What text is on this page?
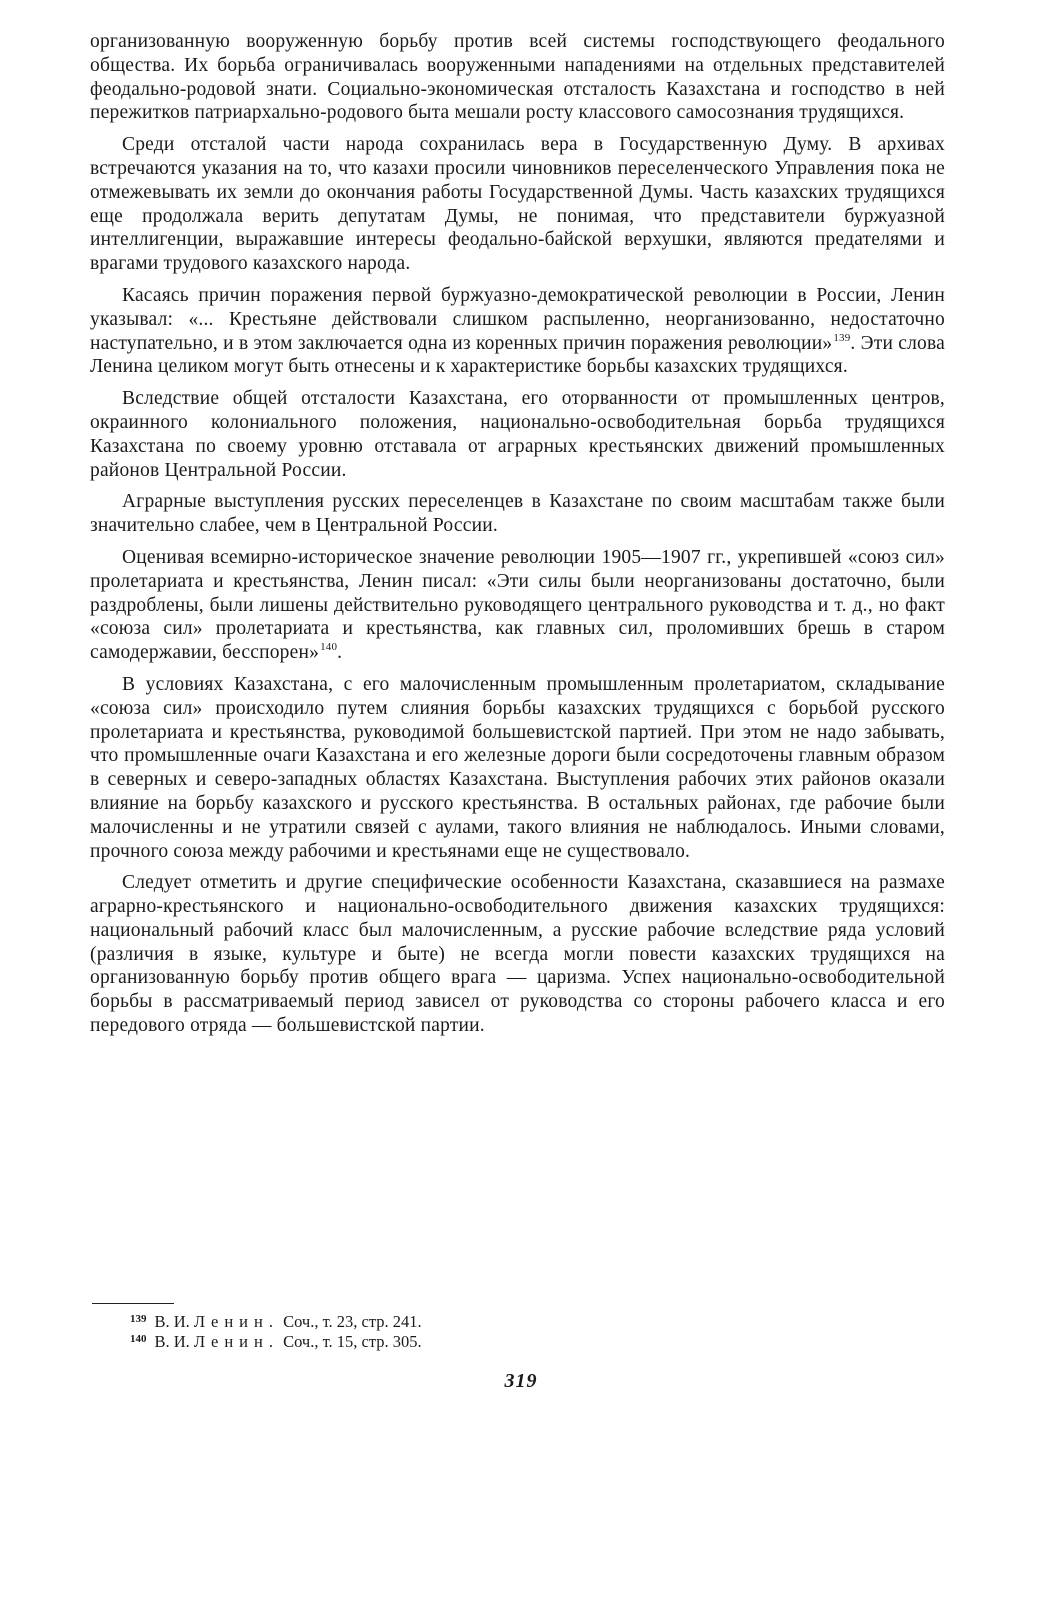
организованную вооруженную борьбу против всей системы господствующего феодального общества. Их борьба ограничивалась вооруженными нападениями на отдельных представителей феодально-родовой знати. Социально-экономическая отсталость Казахстана и господство в ней пережитков патриархально-родового быта мешали росту классового самосознания трудящихся.

Среди отсталой части народа сохранилась вера в Государственную Думу. В архивах встречаются указания на то, что казахи просили чиновников переселенческого Управления пока не отмежевывать их земли до окончания работы Государственной Думы. Часть казахских трудящихся еще продолжала верить депутатам Думы, не понимая, что представители буржуазной интеллигенции, выражавшие интересы феодально-байской верхушки, являются предателями и врагами трудового казахского народа.

Касаясь причин поражения первой буржуазно-демократической революции в России, Ленин указывал: «... Крестьяне действовали слишком распыленно, неорганизованно, недостаточно наступательно, и в этом заключается одна из коренных причин поражения революции»$^{139}$. Эти слова Ленина целиком могут быть отнесены и к характеристике борьбы казахских трудящихся.

Вследствие общей отсталости Казахстана, его оторванности от промышленных центров, окраинного колониального положения, национально-освободительная борьба трудящихся Казахстана по своему уровню отставала от аграрных крестьянских движений промышленных районов Центральной России.

Аграрные выступления русских переселенцев в Казахстане по своим масштабам также были значительно слабее, чем в Центральной России.

Оценивая всемирно-историческое значение революции 1905—1907 гг., укрепившей «союз сил» пролетариата и крестьянства, Ленин писал: «Эти силы были неорганизованы достаточно, были раздроблены, были лишены действительно руководящего центрального руководства и т. д., но факт «союза сил» пролетариата и крестьянства, как главных сил, проломивших брешь в старом самодержавии, бесспорен»$^{140}$.

В условиях Казахстана, с его малочисленным промышленным пролетариатом, складывание «союза сил» происходило путем слияния борьбы казахских трудящихся с борьбой русского пролетариата и крестьянства, руководимой большевистской партией. При этом не надо забывать, что промышленные очаги Казахстана и его железные дороги были сосредоточены главным образом в северных и северо-западных областях Казахстана. Выступления рабочих этих районов оказали влияние на борьбу казахского и русского крестьянства. В остальных районах, где рабочие были малочисленны и не утратили связей с аулами, такого влияния не наблюдалось. Иными словами, прочного союза между рабочими и крестьянами еще не существовало.

Следует отметить и другие специфические особенности Казахстана, сказавшиеся на размахе аграрно-крестьянского и национально-освободительного движения казахских трудящихся: национальный рабочий класс был малочисленным, а русские рабочие вследствие ряда условий (различия в языке, культуре и быте) не всегда могли повести казахских трудящихся на организованную борьбу против общего врага — царизма. Успех национально-освободительной борьбы в рассматриваемый период зависел от руководства со стороны рабочего класса и его передового отряда — большевистской партии.

$^{139}$ В. И. Ленин. Соч., т. 23, стр. 241.

$^{140}$ В. И. Ленин. Соч., т. 15, стр. 305.

319
